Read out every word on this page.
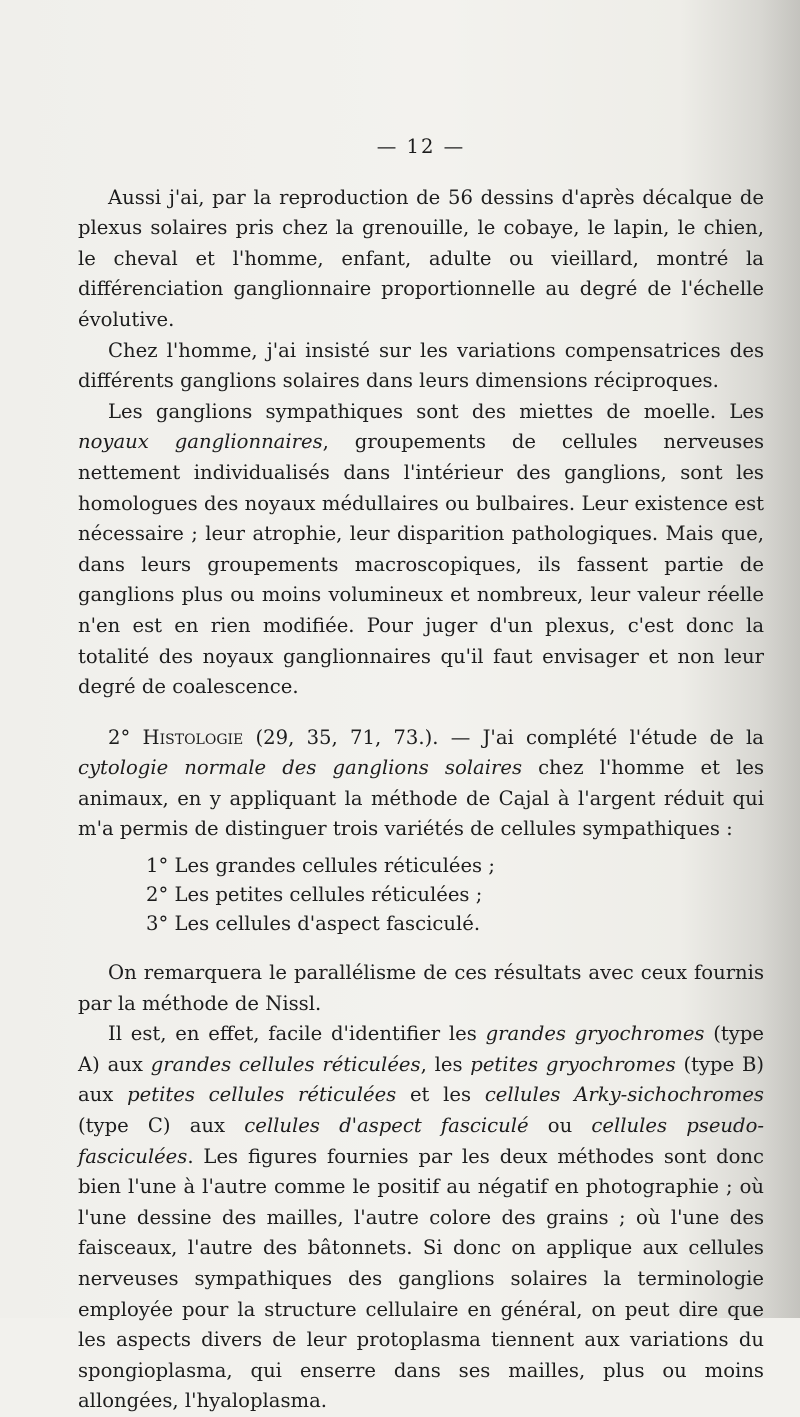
— 12 —

Aussi j'ai, par la reproduction de 56 dessins d'après décalque de plexus solaires pris chez la grenouille, le cobaye, le lapin, le chien, le cheval et l'homme, enfant, adulte ou vieillard, montré la différenciation ganglionnaire proportionnelle au degré de l'échelle évolutive.

Chez l'homme, j'ai insisté sur les variations compensatrices des différents ganglions solaires dans leurs dimensions réciproques.

Les ganglions sympathiques sont des miettes de moelle. Les noyaux ganglionnaires, groupements de cellules nerveuses nettement individualisés dans l'intérieur des ganglions, sont les homologues des noyaux médullaires ou bulbaires. Leur existence est nécessaire ; leur atrophie, leur disparition pathologiques. Mais que, dans leurs groupements macroscopiques, ils fassent partie de ganglions plus ou moins volumineux et nombreux, leur valeur réelle n'en est en rien modifiée. Pour juger d'un plexus, c'est donc la totalité des noyaux ganglionnaires qu'il faut envisager et non leur degré de coalescence.

2° Histologie (29, 35, 71, 73.). — J'ai complété l'étude de la cytologie normale des ganglions solaires chez l'homme et les animaux, en y appliquant la méthode de Cajal à l'argent réduit qui m'a permis de distinguer trois variétés de cellules sympathiques :

1° Les grandes cellules réticulées ;
2° Les petites cellules réticulées ;
3° Les cellules d'aspect fasciculé.

On remarquera le parallélisme de ces résultats avec ceux fournis par la méthode de Nissl.

Il est, en effet, facile d'identifier les grandes gryochromes (type A) aux grandes cellules réticulées, les petites gryochromes (type B) aux petites cellules réticulées et les cellules Arky-sichochromes (type C) aux cellules d'aspect fasciculé ou cellules pseudo-fasciculées. Les figures fournies par les deux méthodes sont donc bien l'une à l'autre comme le positif au négatif en photographie ; où l'une dessine des mailles, l'autre colore des grains ; où l'une des faisceaux, l'autre des bâtonnets. Si donc on applique aux cellules nerveuses sympathiques des ganglions solaires la terminologie employée pour la structure cellulaire en général, on peut dire que les aspects divers de leur protoplasma tiennent aux variations du spongioplasma, qui enserre dans ses mailles, plus ou moins allongées, l'hyaloplasma.
